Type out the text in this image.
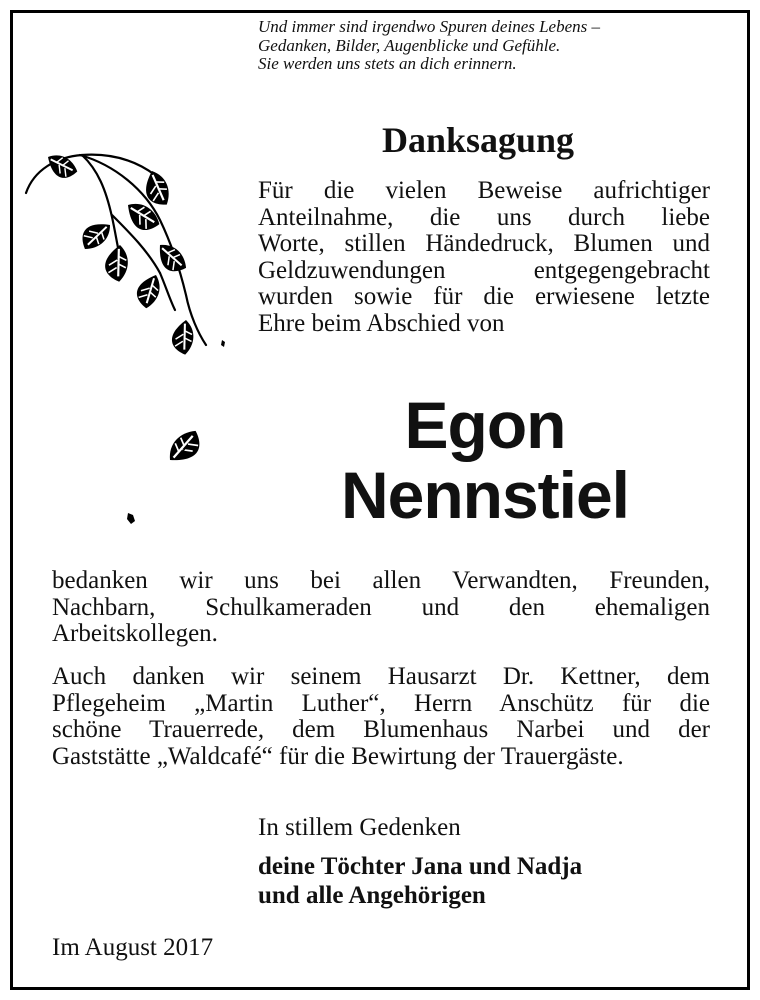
Und immer sind irgendwo Spuren deines Lebens –
Gedanken, Bilder, Augenblicke und Gefühle.
Sie werden uns stets an dich erinnern.
Danksagung
Für die vielen Beweise aufrichtiger
Anteilnahme, die uns durch liebe
Worte, stillen Händedruck, Blumen und
Geldzuwendungen entgegengebracht
wurden sowie für die erwiesene letzte
Ehre beim Abschied von
Egon
Nennstiel
bedanken wir uns bei allen Verwandten, Freunden,
Nachbarn, Schulkameraden und den ehemaligen
Arbeitskollegen.
Auch danken wir seinem Hausarzt Dr. Kettner, dem
Pflegeheim „Martin Luther“, Herrn Anschütz für die
schöne Trauerrede, dem Blumenhaus Narbei und der
Gaststätte „Waldcafé“ für die Bewirtung der Trauergäste.
In stillem Gedenken
deine Töchter Jana und Nadja
und alle Angehörigen
Im August 2017
